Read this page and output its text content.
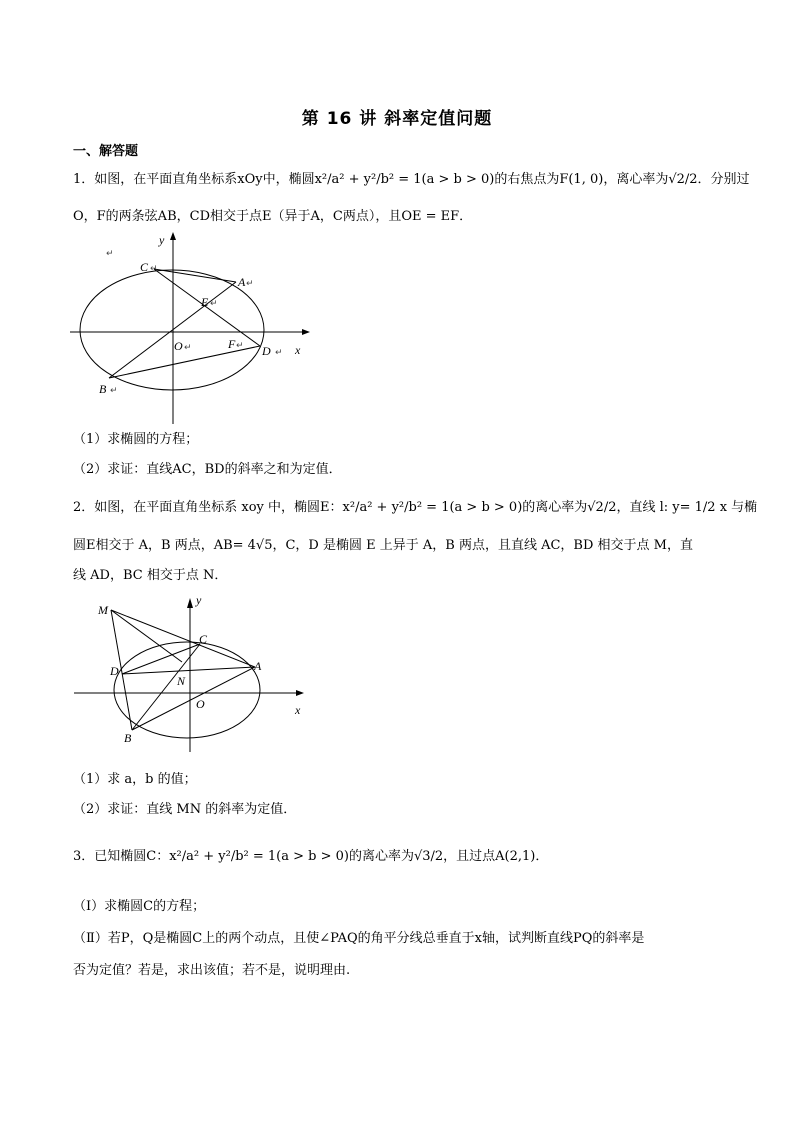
第 16 讲 斜率定值问题
一、解答题
1．如图，在平面直角坐标系xOy中，椭圆x²/a² + y²/b² = 1(a > b > 0)的右焦点为F(1, 0)，离心率为√2/2．分别过
O，F的两条弦AB，CD相交于点E（异于A，C两点），且OE = EF．
C
A
E
O	F D
B
x
y
↵
↵
↵
↵
↵	↵
↵
↵
（1）求椭圆的方程；
（2）求证：直线AC，BD的斜率之和为定值．
2．如图，在平面直角坐标系 xoy 中，椭圆E：x²/a² + y²/b² = 1(a > b > 0)的离心率为√2/2，直线 l: y= 1/2 x 与椭
圆E相交于 A，B 两点，AB= 4√5，C，D 是椭圆 E 上异于 A，B 两点，且直线 AC，BD 相交于点 M，直
线 AD，BC 相交于点 N．
M
C
A
D
N
O
B
x
y
（1）求 a，b 的值；
（2）求证：直线 MN 的斜率为定值．
3．已知椭圆C：x²/a² + y²/b² = 1(a > b > 0)的离心率为√3/2，且过点A(2,1)．
（Ⅰ）求椭圆C的方程；
（Ⅱ）若P，Q是椭圆C上的两个动点，且使∠PAQ的角平分线总垂直于x轴，试判断直线PQ的斜率是
否为定值？若是，求出该值；若不是，说明理由.
